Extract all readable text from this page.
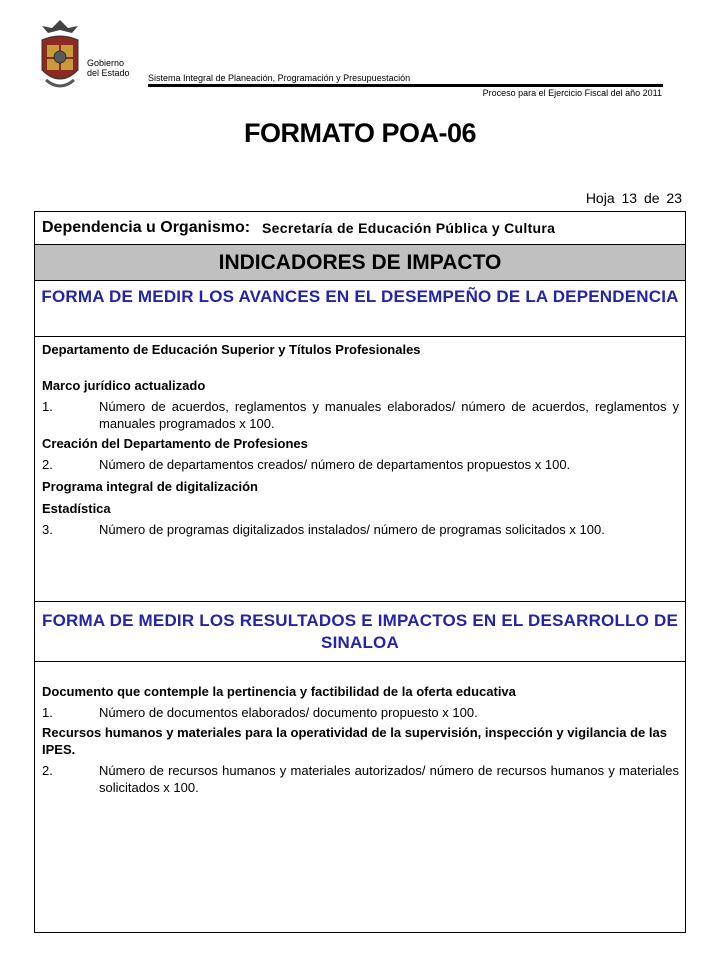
Gobierno
del Estado Sistema Integral de Planeación, Programación y Presupuestación
Proceso para el Ejercicio Fiscal del año 2011
FORMATO POA-06
Hoja 13 de 23
Dependencia u Organismo: Secretaría de Educación Pública y Cultura
INDICADORES DE IMPACTO
FORMA DE MEDIR LOS AVANCES EN EL DESEMPEÑO DE LA DEPENDENCIA
Departamento de Educación Superior y Títulos Profesionales
Marco jurídico actualizado
1.	Número de acuerdos, reglamentos y manuales elaborados/ número de acuerdos, reglamentos y manuales programados x 100.
Creación del Departamento de Profesiones
2.	Número de departamentos creados/ número de departamentos propuestos x 100.
Programa integral de digitalización
Estadística
3.	Número de programas digitalizados instalados/ número de programas solicitados x 100.
FORMA DE MEDIR LOS RESULTADOS E IMPACTOS EN EL DESARROLLO DE SINALOA
Documento que contemple la pertinencia y factibilidad de la oferta educativa
1.	Número de documentos elaborados/ documento propuesto x 100.
Recursos humanos y materiales para la operatividad de la supervisión, inspección y vigilancia de las IPES.
2.	Número de recursos humanos y materiales autorizados/ número de recursos humanos y materiales solicitados x 100.
